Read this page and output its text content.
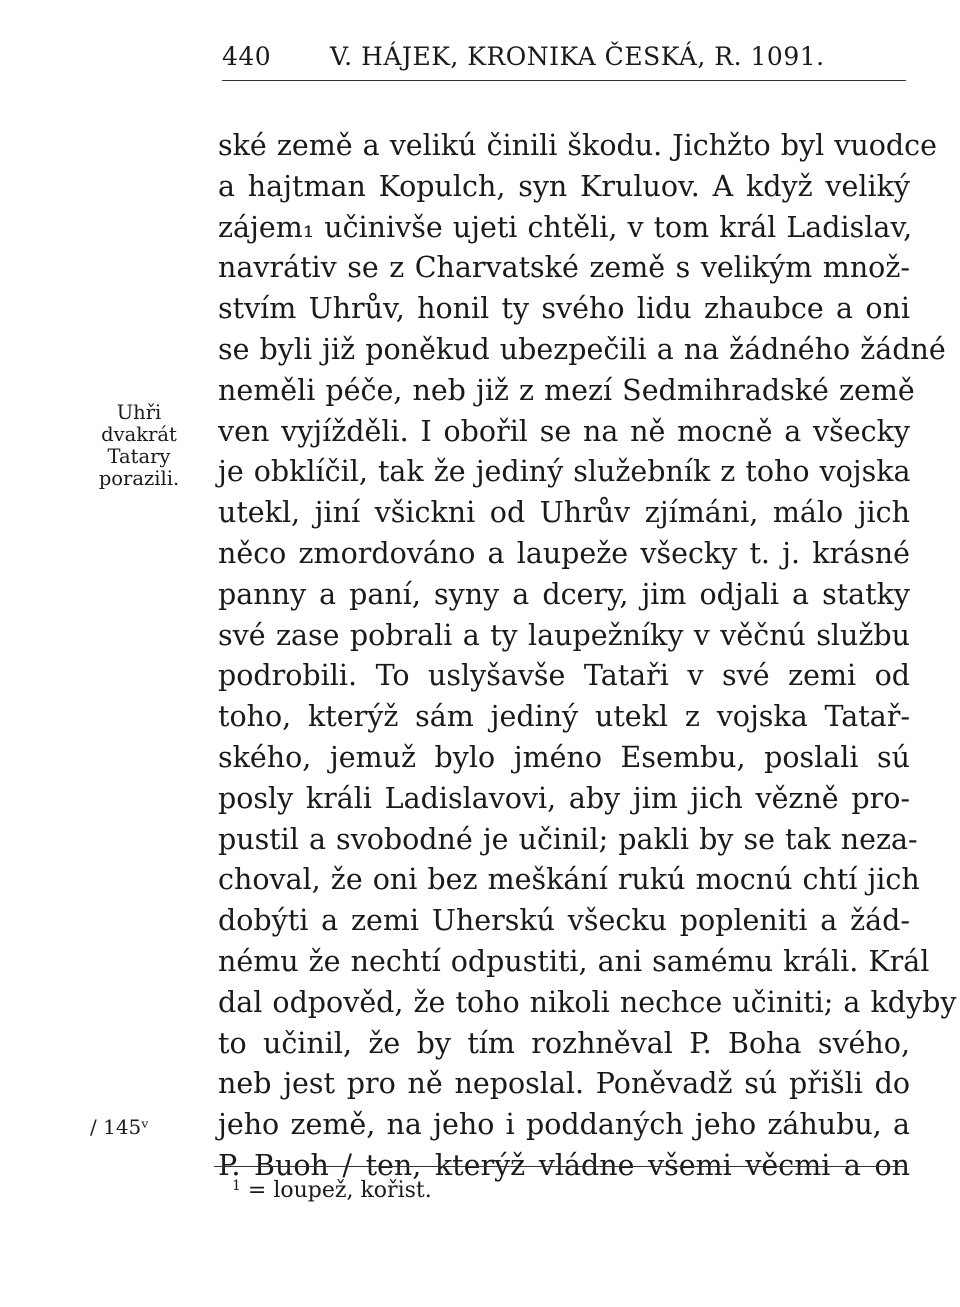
440 V. HÁJEK, KRONIKA ČESKÁ, R. 1091.
Uhři
dvakrát
Tatary
porazili.
ské země a velikú činili škodu. Jichžto byl vuodce
a hajtman Kopulch, syn Kruluov. A když veliký
zájem₁ učinivše ujeti chtěli, v tom král Ladislav,
navrátiv se z Charvatské země s velikým množ-
stvím Uhrův, honil ty svého lidu zhaubce a oni
se byli již poněkud ubezpečili a na žádného žádné
neměli péče, neb již z mezí Sedmihradské země
ven vyjížděli. I obořil se na ně mocně a všecky
je obklíčil, tak že jediný služebník z toho vojska
utekl, jiní všickni od Uhrův zjímáni, málo jich
něco zmordováno a laupeže všecky t. j. krásné
panny a paní, syny a dcery, jim odjali a statky
své zase pobrali a ty laupežníky v věčnú službu
podrobili. To uslyšavše Tataři v své zemi od
toho, kterýž sám jediný utekl z vojska Tatař-
ského, jemuž bylo jméno Esembu, poslali sú
posly králi Ladislavovi, aby jim jich vězně pro-
pustil a svobodné je učinil; pakli by se tak neza-
choval, že oni bez meškání rukú mocnú chtí jich
dobýti a zemi Uherskú všecku popleniti a žád-
nému že nechtí odpustiti, ani samému králi. Král
dal odpověd, že toho nikoli nechce učiniti; a kdyby
to učinil, že by tím rozhněval P. Boha svého,
neb jest pro ně neposlal. Poněvadž sú přišli do
jeho země, na jeho i poddaných jeho záhubu, a
P. Buoh / ten, kterýž vládne všemi věcmi a on
/ 145ᵛ
$^1$ = loupež, kořist.
